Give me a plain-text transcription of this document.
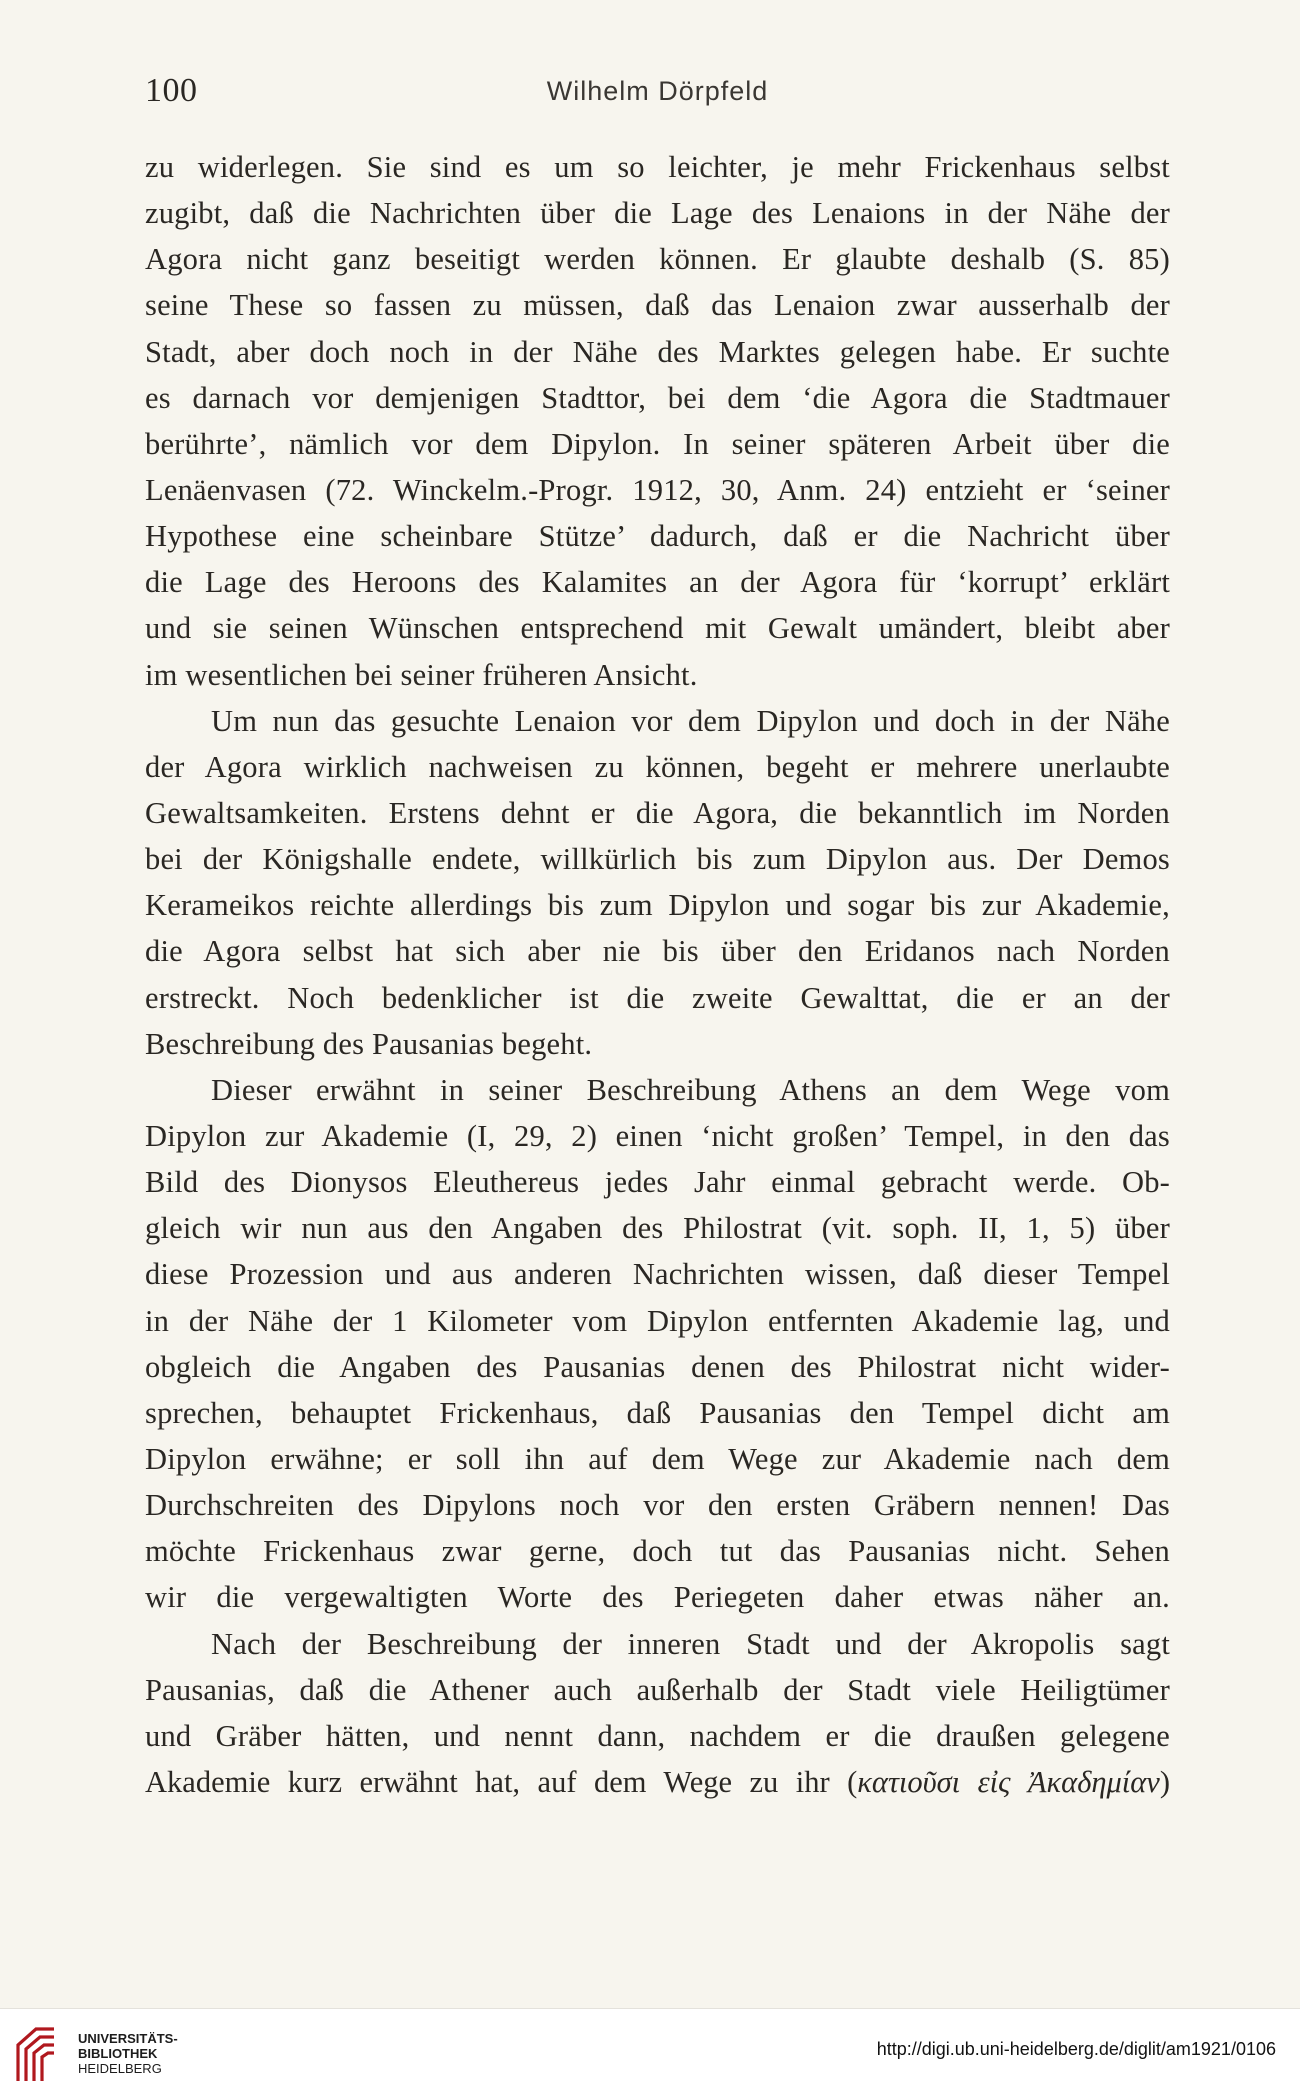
100	Wilhelm Dörpfeld
zu widerlegen. Sie sind es um so leichter, je mehr Frickenhaus selbst
zugibt, daß die Nachrichten über die Lage des Lenaions in der Nähe der
Agora nicht ganz beseitigt werden können. Er glaubte deshalb (S. 85)
seine These so fassen zu müssen, daß das Lenaion zwar ausserhalb der
Stadt, aber doch noch in der Nähe des Marktes gelegen habe. Er suchte
es darnach vor demjenigen Stadttor, bei dem ‘die Agora die Stadtmauer
berührte’, nämlich vor dem Dipylon. In seiner späteren Arbeit über die
Lenäenvasen (72. Winckelm.-Progr. 1912, 30, Anm. 24) entzieht er ‘seiner
Hypothese eine scheinbare Stütze’ dadurch, daß er die Nachricht über
die Lage des Heroons des Kalamites an der Agora für ‘korrupt’ erklärt
und sie seinen Wünschen entsprechend mit Gewalt umändert, bleibt aber
im wesentlichen bei seiner früheren Ansicht.
Um nun das gesuchte Lenaion vor dem Dipylon und doch in der Nähe
der Agora wirklich nachweisen zu können, begeht er mehrere unerlaubte
Gewaltsamkeiten. Erstens dehnt er die Agora, die bekanntlich im Norden
bei der Königshalle endete, willkürlich bis zum Dipylon aus. Der Demos
Kerameikos reichte allerdings bis zum Dipylon und sogar bis zur Akademie,
die Agora selbst hat sich aber nie bis über den Eridanos nach Norden
erstreckt. Noch bedenklicher ist die zweite Gewalttat, die er an der
Beschreibung des Pausanias begeht.
Dieser erwähnt in seiner Beschreibung Athens an dem Wege vom
Dipylon zur Akademie (I, 29, 2) einen ‘nicht großen’ Tempel, in den das
Bild des Dionysos Eleuthereus jedes Jahr einmal gebracht werde. Ob-
gleich wir nun aus den Angaben des Philostrat (vit. soph. II, 1, 5) über
diese Prozession und aus anderen Nachrichten wissen, daß dieser Tempel
in der Nähe der 1 Kilometer vom Dipylon entfernten Akademie lag, und
obgleich die Angaben des Pausanias denen des Philostrat nicht wider-
sprechen, behauptet Frickenhaus, daß Pausanias den Tempel dicht am
Dipylon erwähne; er soll ihn auf dem Wege zur Akademie nach dem
Durchschreiten des Dipylons noch vor den ersten Gräbern nennen! Das
möchte Frickenhaus zwar gerne, doch tut das Pausanias nicht. Sehen
wir die vergewaltigten Worte des Periegeten daher etwas näher an.
Nach der Beschreibung der inneren Stadt und der Akropolis sagt
Pausanias, daß die Athener auch außerhalb der Stadt viele Heiligtümer
und Gräber hätten, und nennt dann, nachdem er die draußen gelegene
Akademie kurz erwähnt hat, auf dem Wege zu ihr (κατιοῦσι εἰς Ἀκαδημίαν)
UNIVERSITÄTS-
BIBLIOTHEK
HEIDELBERG
http://digi.ub.uni-heidelberg.de/diglit/am1921/0106
